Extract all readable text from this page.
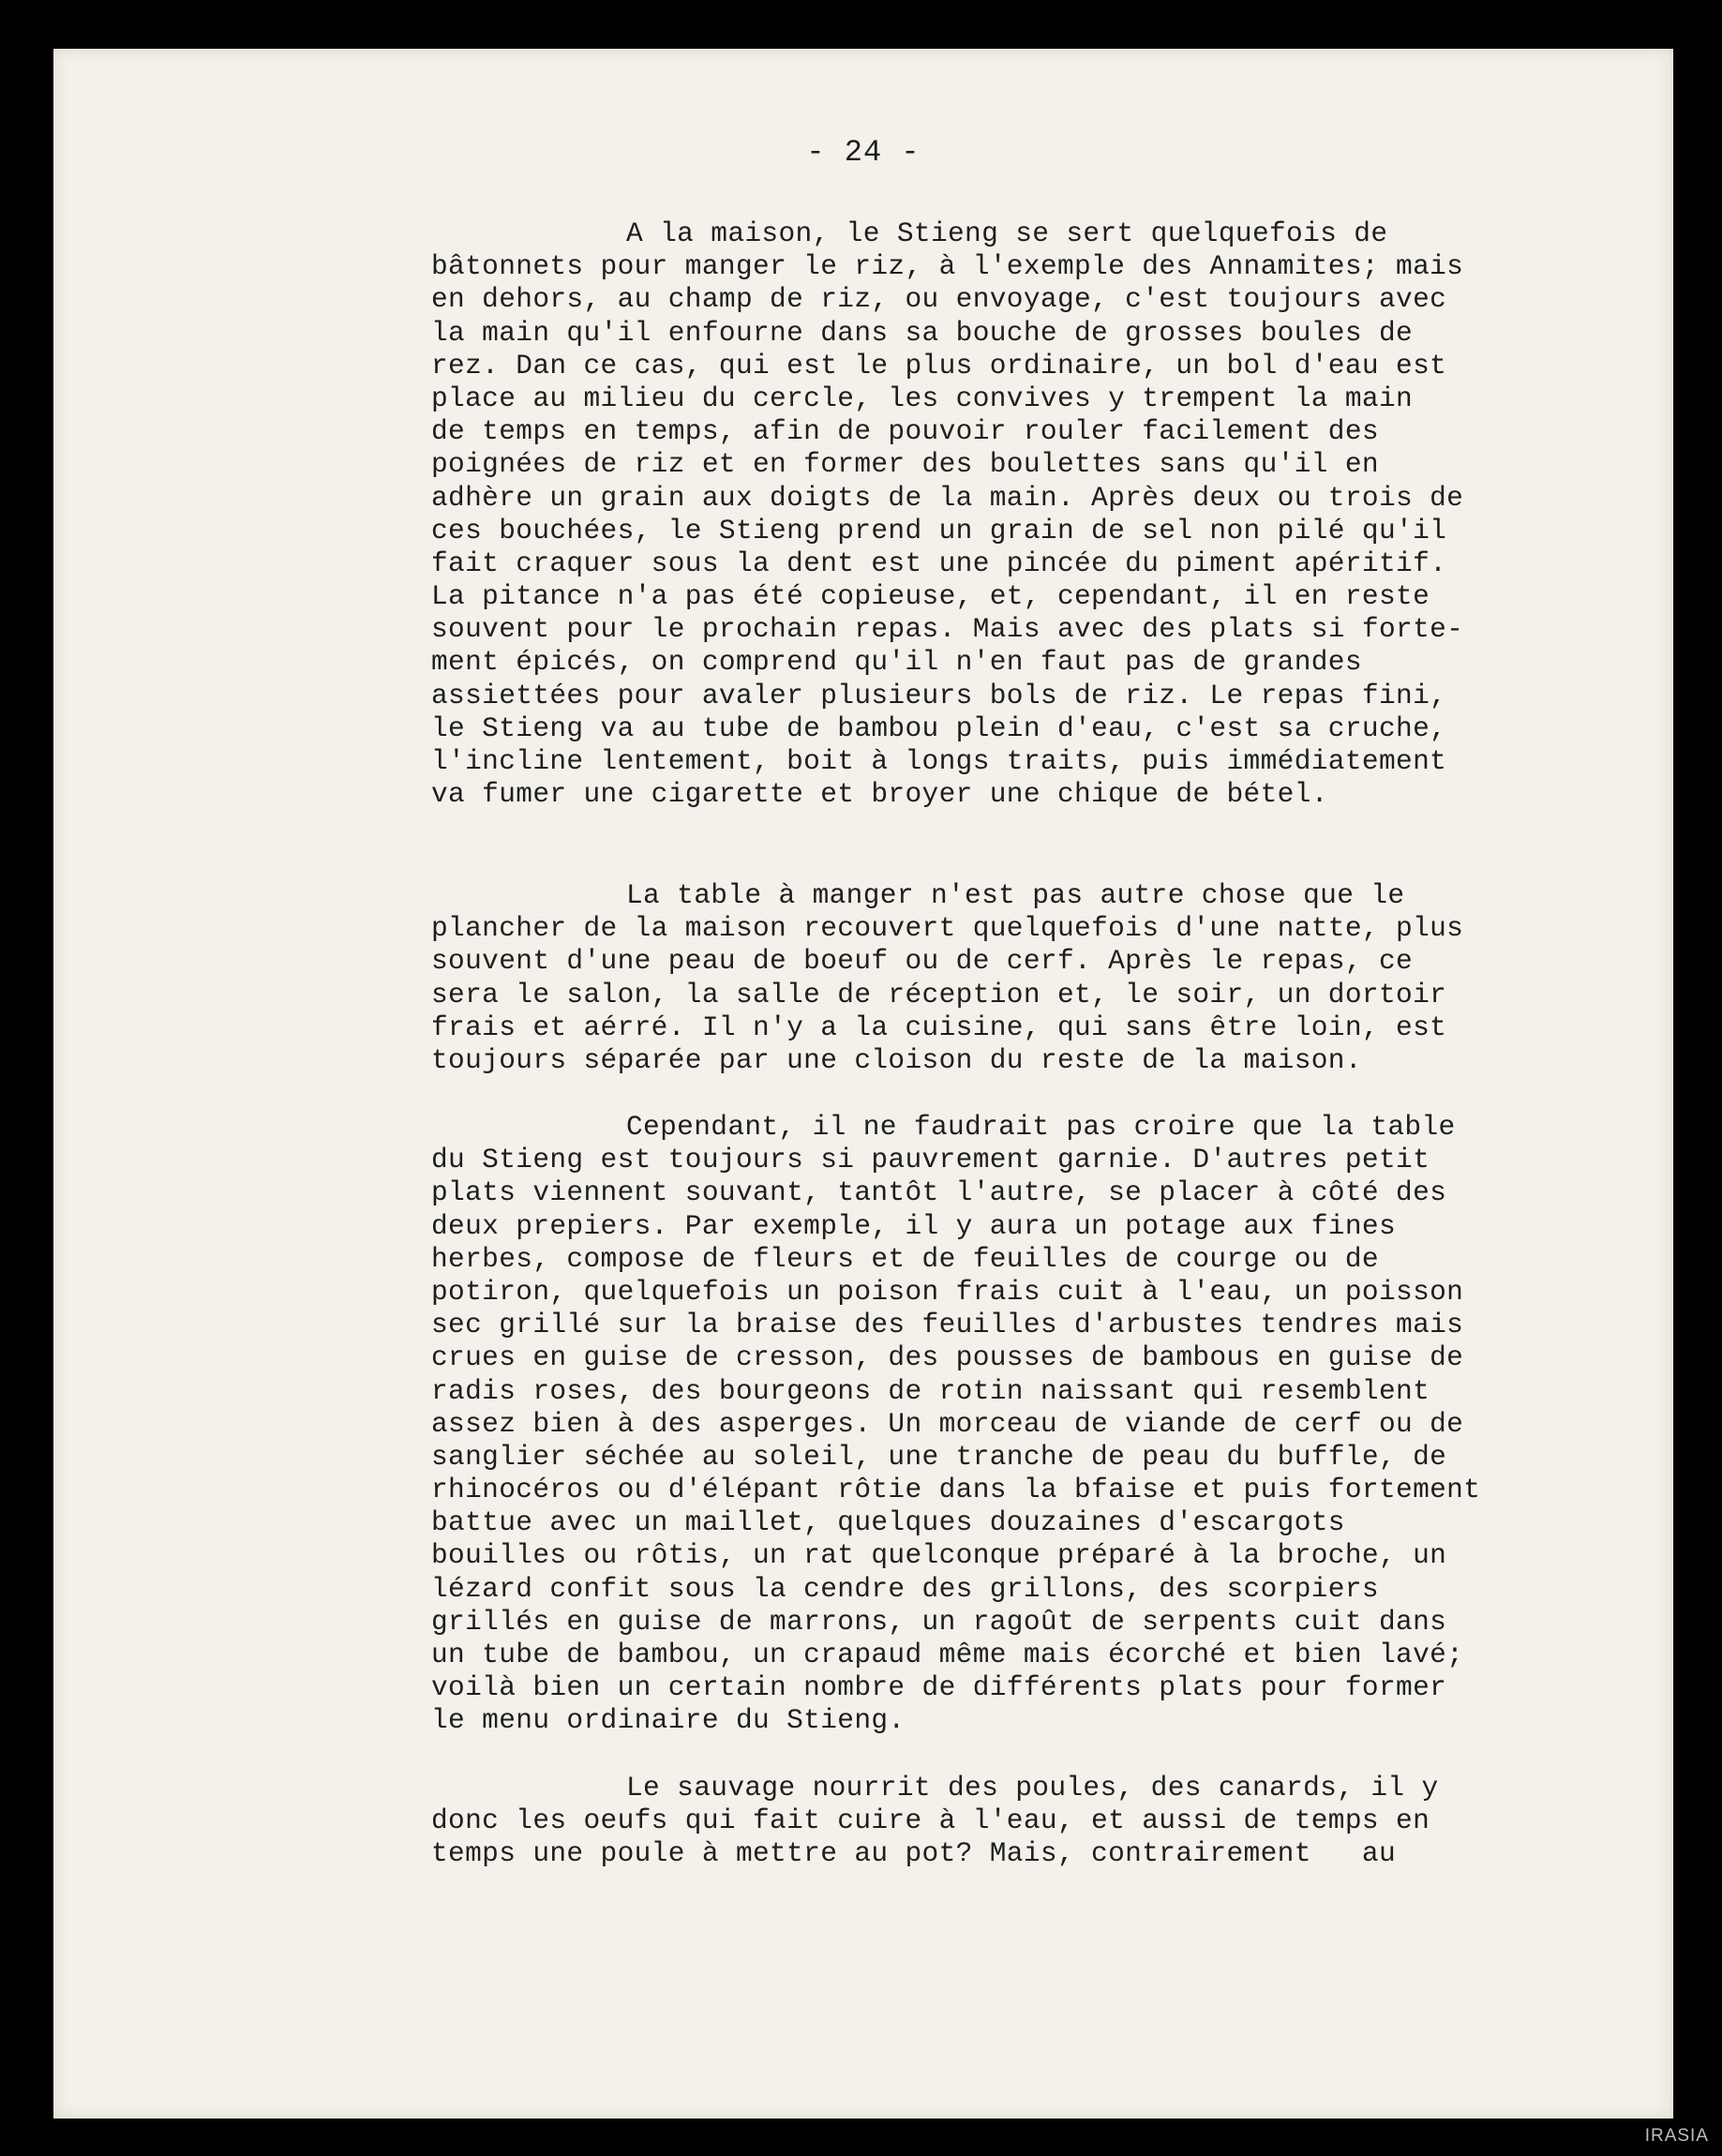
- 24 -
A la maison, le Stieng se sert quelquefois de
bâtonnets pour manger le riz, à l'exemple des Annamites; mais
en dehors, au champ de riz, ou envoyage, c'est toujours avec
la main qu'il enfourne dans sa bouche de grosses boules de
rez. Dan ce cas, qui est le plus ordinaire, un bol d'eau est
place au milieu du cercle, les convives y trempent la main
de temps en temps, afin de pouvoir rouler facilement des
poignées de riz et en former des boulettes sans qu'il en
adhère un grain aux doigts de la main. Après deux ou trois de
ces bouchées, le Stieng prend un grain de sel non pilé qu'il
fait craquer sous la dent est une pincée du piment apéritif.
La pitance n'a pas été copieuse, et, cependant, il en reste
souvent pour le prochain repas. Mais avec des plats si forte-
ment épicés, on comprend qu'il n'en faut pas de grandes
assiettées pour avaler plusieurs bols de riz. Le repas fini,
le Stieng va au tube de bambou plein d'eau, c'est sa cruche,
l'incline lentement, boit à longs traits, puis immédiatement
va fumer une cigarette et broyer une chique de bétel.
La table à manger n'est pas autre chose que le
plancher de la maison recouvert quelquefois d'une natte, plus
souvent d'une peau de boeuf ou de cerf. Après le repas, ce
sera le salon, la salle de réception et, le soir, un dortoir
frais et aérré. Il n'y a la cuisine, qui sans être loin, est
toujours séparée par une cloison du reste de la maison.
Cependant, il ne faudrait pas croire que la table
du Stieng est toujours si pauvrement garnie. D'autres petit
plats viennent souvant, tantôt l'autre, se placer à côté des
deux prepiers. Par exemple, il y aura un potage aux fines
herbes, compose de fleurs et de feuilles de courge ou de
potiron, quelquefois un poison frais cuit à l'eau, un poisson
sec grillé sur la braise des feuilles d'arbustes tendres mais
crues en guise de cresson, des pousses de bambous en guise de
radis roses, des bourgeons de rotin naissant qui resemblent
assez bien à des asperges. Un morceau de viande de cerf ou de
sanglier séchée au soleil, une tranche de peau du buffle, de
rhinocéros ou d'élépant rôtie dans la bfaise et puis fortement
battue avec un maillet, quelques douzaines d'escargots
bouilles ou rôtis, un rat quelconque préparé à la broche, un
lézard confit sous la cendre des grillons, des scorpiers
grillés en guise de marrons, un ragoût de serpents cuit dans
un tube de bambou, un crapaud même mais écorché et bien lavé;
voilà bien un certain nombre de différents plats pour former
le menu ordinaire du Stieng.
Le sauvage nourrit des poules, des canards, il y
donc les oeufs qui fait cuire à l'eau, et aussi de temps en
temps une poule à mettre au pot? Mais, contrairement   au
IRASIA
